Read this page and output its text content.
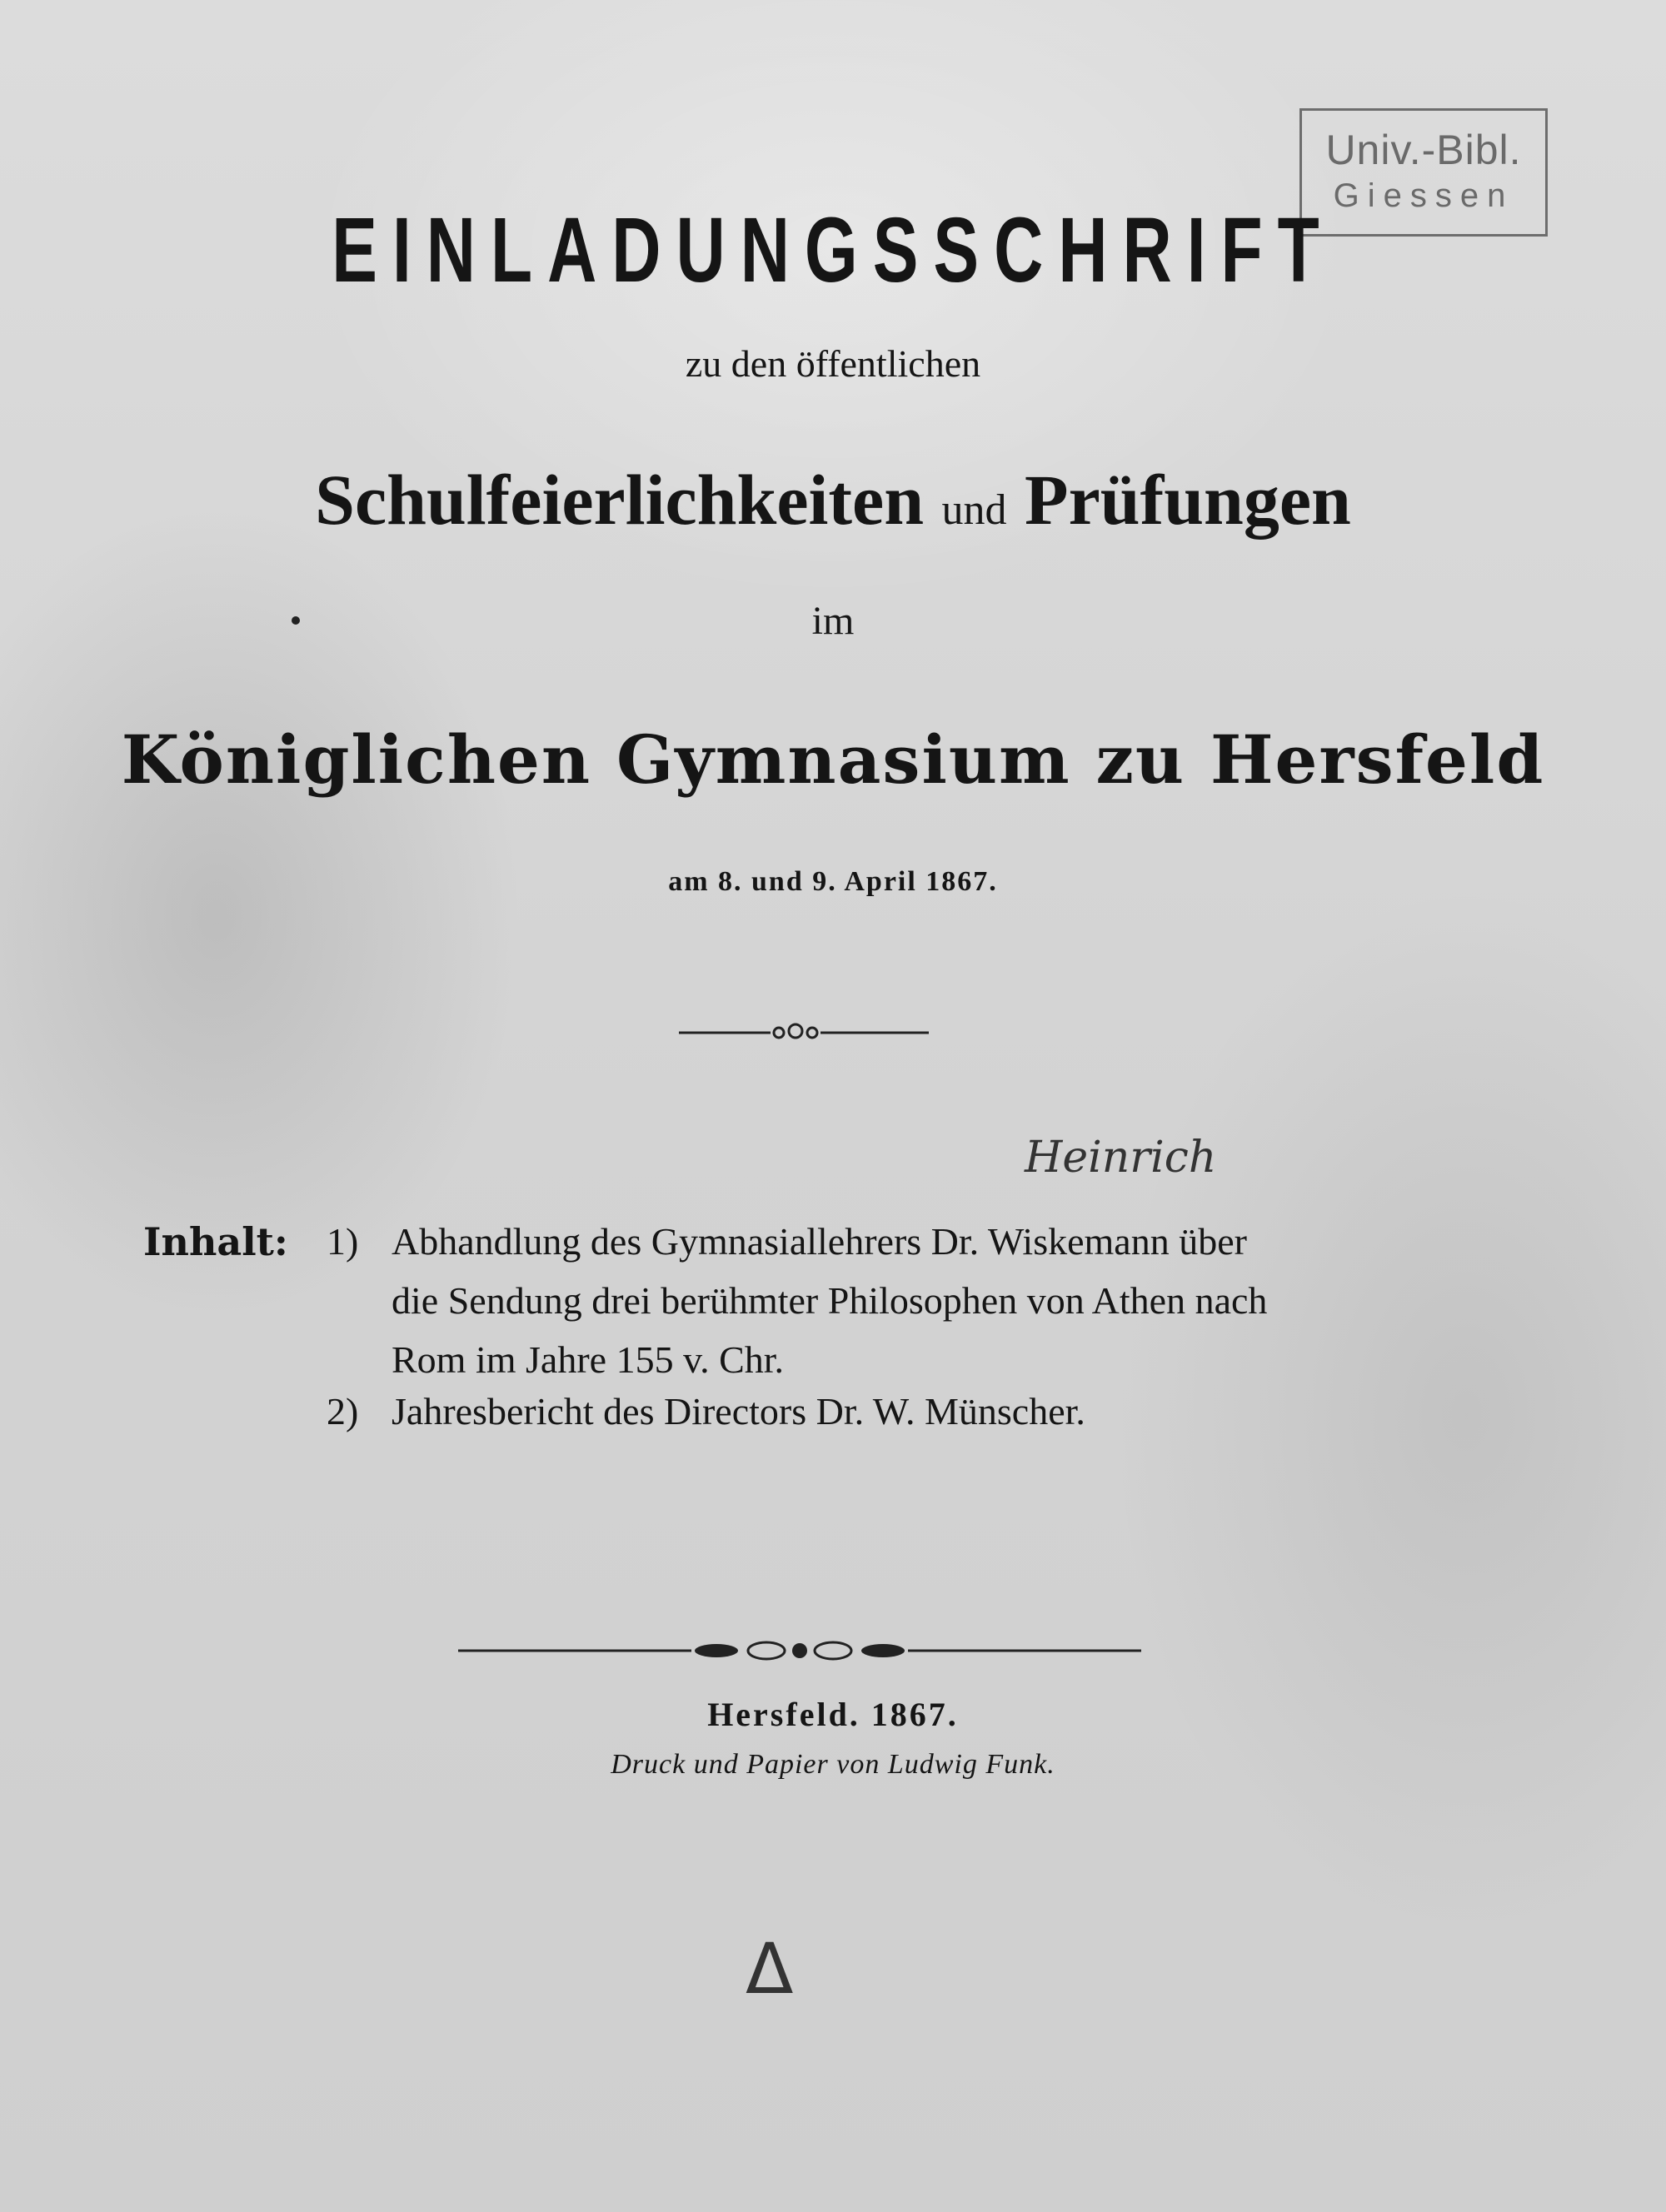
Univ.-Bibl.
Giessen
EINLADUNGSSCHRIFT
zu den öffentlichen
Schulfeierlichkeiten und Prüfungen
im
Königlichen Gymnasium zu Hersfeld
am 8. und 9. April 1867.
Heinrich
Inhalt: 1) Abhandlung des Gymnasiallehrers Dr. Wiskemann über
die Sendung drei berühmter Philosophen von Athen nach
Rom im Jahre 155 v. Chr.
2) Jahresbericht des Directors Dr. W. Münscher.
Hersfeld. 1867.
Druck und Papier von Ludwig Funk.
Δ
